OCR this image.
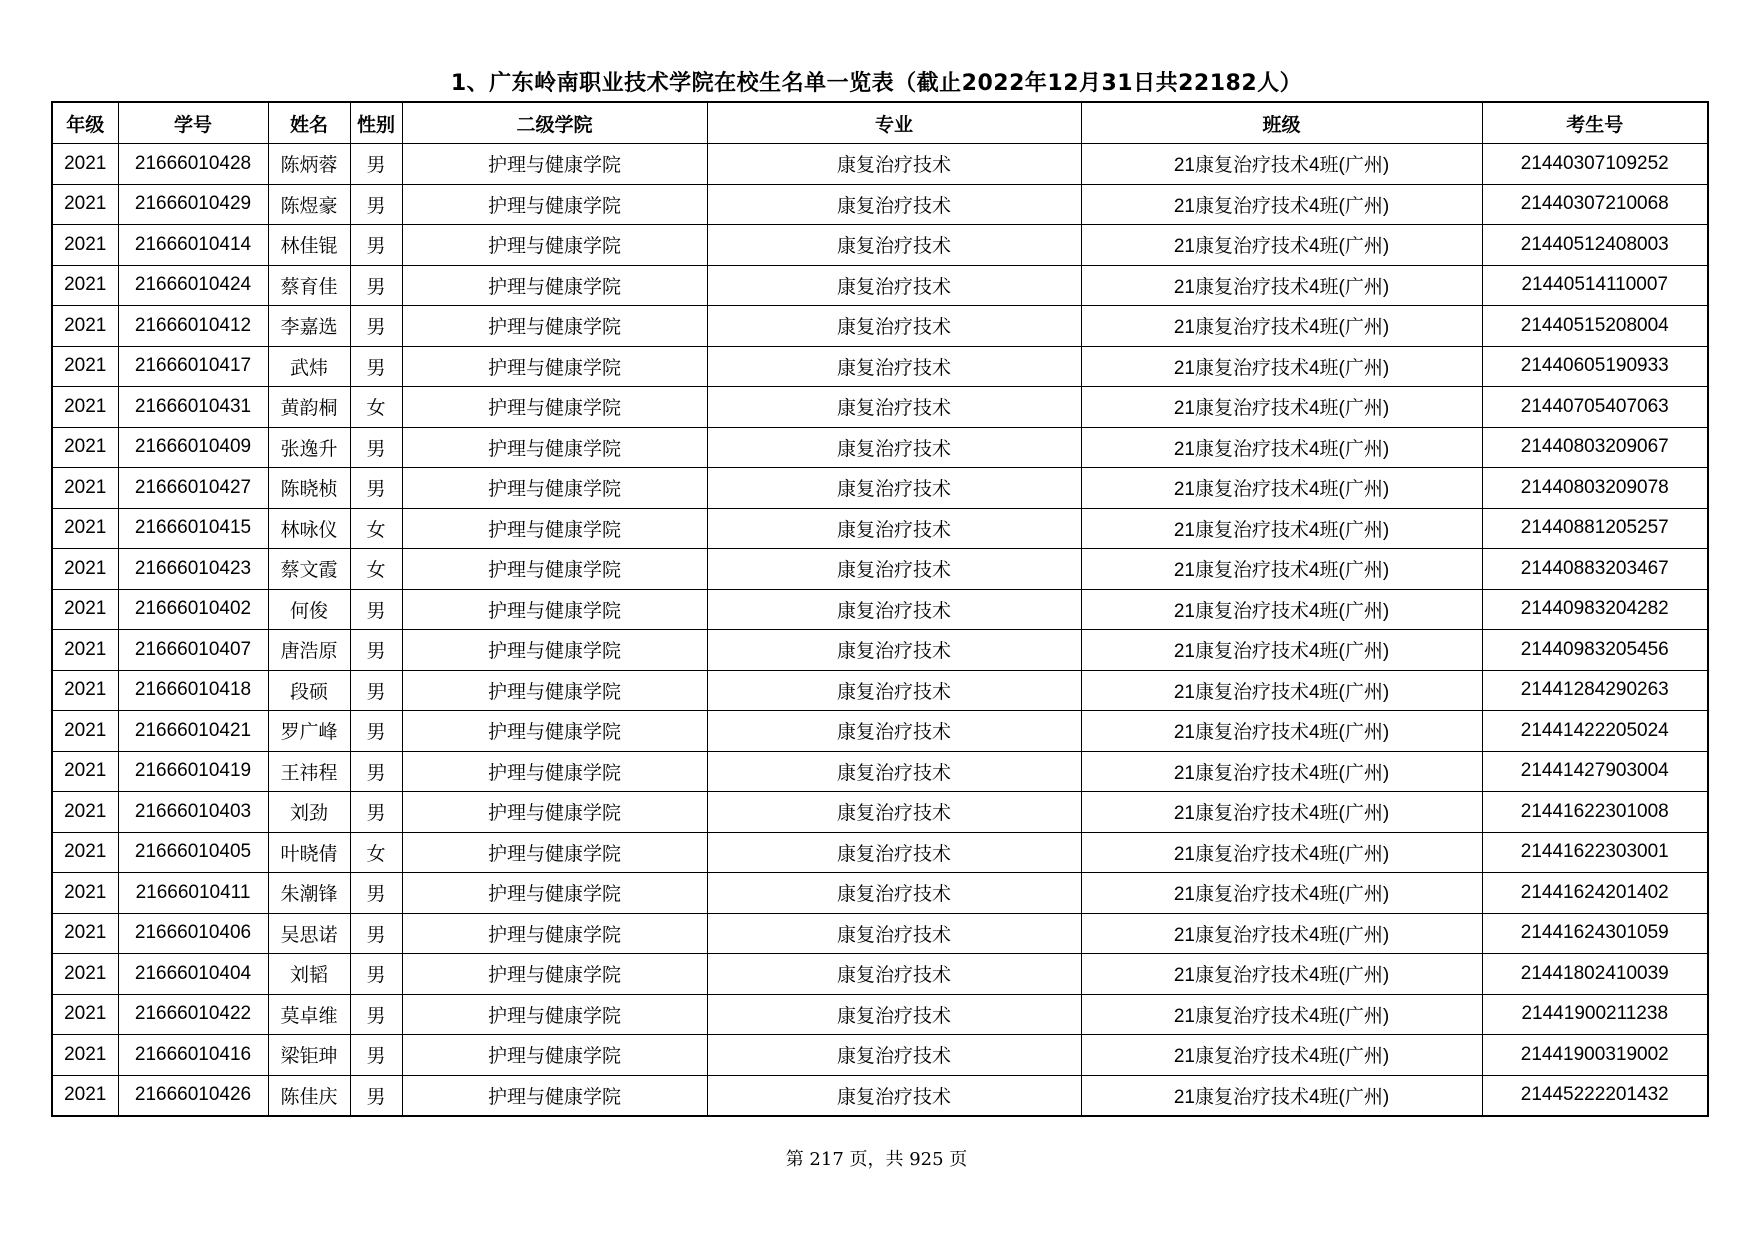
1、广东岭南职业技术学院在校生名单一览表（截止2022年12月31日共22182人）
年级	学号	姓名	性别	二级学院	专业	班级	考生号
2021	21666010428	陈炳蓉	男	护理与健康学院	康复治疗技术	21康复治疗技术4班(广州)	21440307109252
2021	21666010429	陈煜豪	男	护理与健康学院	康复治疗技术	21康复治疗技术4班(广州)	21440307210068
2021	21666010414	林佳锟	男	护理与健康学院	康复治疗技术	21康复治疗技术4班(广州)	21440512408003
2021	21666010424	蔡育佳	男	护理与健康学院	康复治疗技术	21康复治疗技术4班(广州)	21440514110007
2021	21666010412	李嘉选	男	护理与健康学院	康复治疗技术	21康复治疗技术4班(广州)	21440515208004
2021	21666010417	武炜	男	护理与健康学院	康复治疗技术	21康复治疗技术4班(广州)	21440605190933
2021	21666010431	黄韵桐	女	护理与健康学院	康复治疗技术	21康复治疗技术4班(广州)	21440705407063
2021	21666010409	张逸升	男	护理与健康学院	康复治疗技术	21康复治疗技术4班(广州)	21440803209067
2021	21666010427	陈晓桢	男	护理与健康学院	康复治疗技术	21康复治疗技术4班(广州)	21440803209078
2021	21666010415	林咏仪	女	护理与健康学院	康复治疗技术	21康复治疗技术4班(广州)	21440881205257
2021	21666010423	蔡文霞	女	护理与健康学院	康复治疗技术	21康复治疗技术4班(广州)	21440883203467
2021	21666010402	何俊	男	护理与健康学院	康复治疗技术	21康复治疗技术4班(广州)	21440983204282
2021	21666010407	唐浩原	男	护理与健康学院	康复治疗技术	21康复治疗技术4班(广州)	21440983205456
2021	21666010418	段硕	男	护理与健康学院	康复治疗技术	21康复治疗技术4班(广州)	21441284290263
2021	21666010421	罗广峰	男	护理与健康学院	康复治疗技术	21康复治疗技术4班(广州)	21441422205024
2021	21666010419	王祎程	男	护理与健康学院	康复治疗技术	21康复治疗技术4班(广州)	21441427903004
2021	21666010403	刘劲	男	护理与健康学院	康复治疗技术	21康复治疗技术4班(广州)	21441622301008
2021	21666010405	叶晓倩	女	护理与健康学院	康复治疗技术	21康复治疗技术4班(广州)	21441622303001
2021	21666010411	朱潮锋	男	护理与健康学院	康复治疗技术	21康复治疗技术4班(广州)	21441624201402
2021	21666010406	吴思诺	男	护理与健康学院	康复治疗技术	21康复治疗技术4班(广州)	21441624301059
2021	21666010404	刘韬	男	护理与健康学院	康复治疗技术	21康复治疗技术4班(广州)	21441802410039
2021	21666010422	莫卓维	男	护理与健康学院	康复治疗技术	21康复治疗技术4班(广州)	21441900211238
2021	21666010416	梁钜珅	男	护理与健康学院	康复治疗技术	21康复治疗技术4班(广州)	21441900319002
2021	21666010426	陈佳庆	男	护理与健康学院	康复治疗技术	21康复治疗技术4班(广州)	21445222201432
第 217 页，共 925 页
